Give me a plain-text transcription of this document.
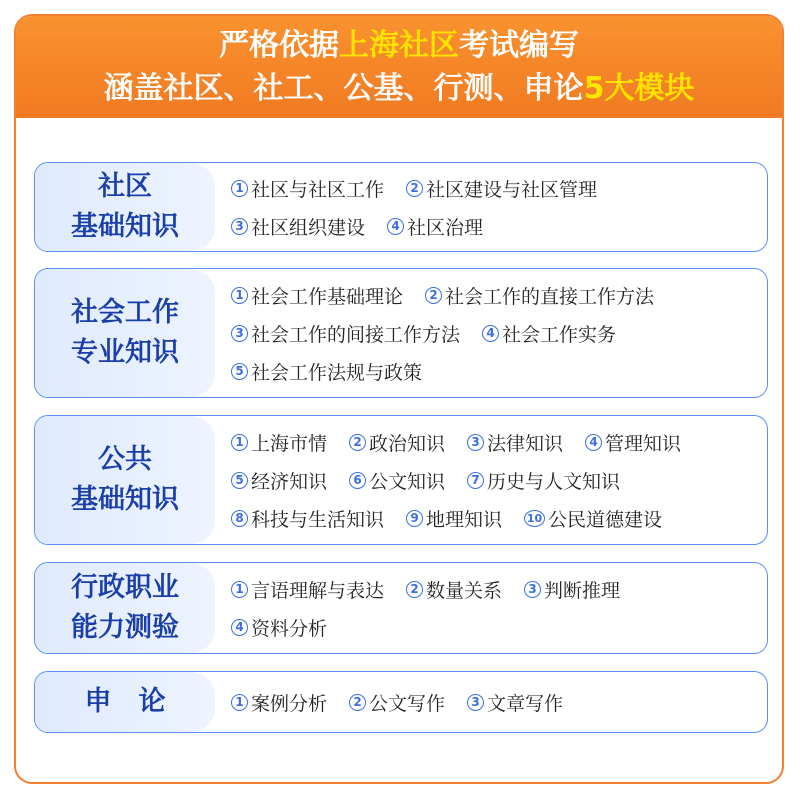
严格依据上海社区考试编写
涵盖社区、社工、公基、行测、申论5大模块
社区
基础知识
1 社区与社区工作	2 社区建设与社区管理
3 社区组织建设	4 社区治理
社会工作
专业知识
1 社会工作基础理论	2 社会工作的直接工作方法
3 社会工作的间接工作方法	4 社会工作实务
5 社会工作法规与政策
公共
基础知识
1 上海市情	2 政治知识	3 法律知识	4 管理知识
5 经济知识	6 公文知识	7 历史与人文知识
8 科技与生活知识	9 地理知识 10 公民道德建设
行政职业
能力测验
1 言语理解与表达	2 数量关系	3 判断推理
4 资料分析
申　论	1 案例分析	2 公文写作	3 文章写作
